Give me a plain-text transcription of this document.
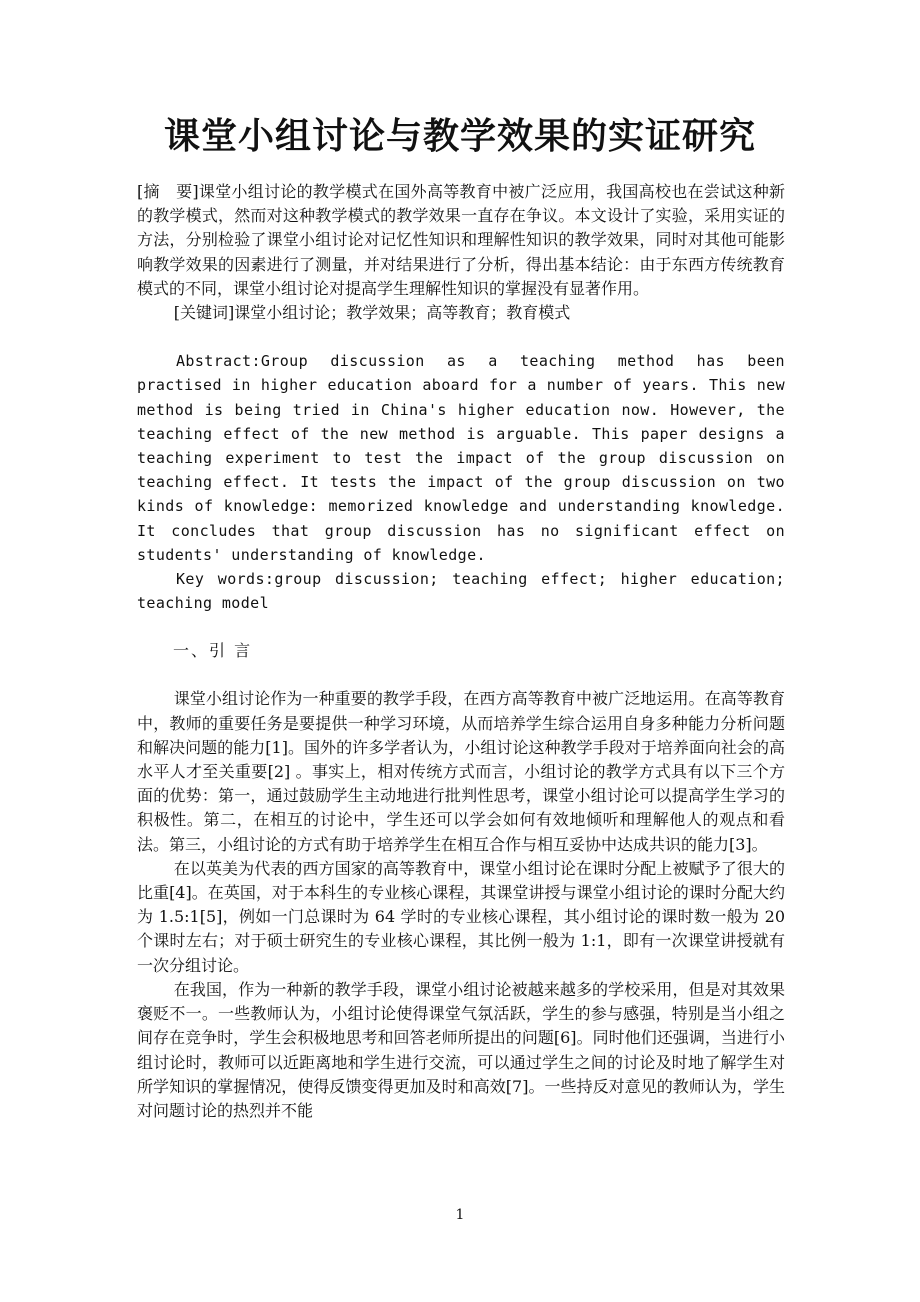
课堂小组讨论与教学效果的实证研究

[摘　要]课堂小组讨论的教学模式在国外高等教育中被广泛应用，我国高校也在尝试这种新的教学模式，然而对这种教学模式的教学效果一直存在争议。本文设计了实验，采用实证的方法，分别检验了课堂小组讨论对记忆性知识和理解性知识的教学效果，同时对其他可能影响教学效果的因素进行了测量，并对结果进行了分析，得出基本结论：由于东西方传统教育模式的不同，课堂小组讨论对提高学生理解性知识的掌握没有显著作用。

[关键词]课堂小组讨论；教学效果；高等教育；教育模式

Abstract:Group discussion as a teaching method has been practised in higher education aboard for a number of years. This new method is being tried in China's higher education now. However, the teaching effect of the new method is arguable. This paper designs a teaching experiment to test the impact of the group discussion on teaching effect. It tests the impact of the group discussion on two kinds of knowledge: memorized knowledge and understanding knowledge. It concludes that group discussion has no significant effect on students' understanding of knowledge.

Key words:group discussion; teaching effect; higher education; teaching model

一、引 言

课堂小组讨论作为一种重要的教学手段，在西方高等教育中被广泛地运用。在高等教育中，教师的重要任务是要提供一种学习环境，从而培养学生综合运用自身多种能力分析问题和解决问题的能力[1]。国外的许多学者认为，小组讨论这种教学手段对于培养面向社会的高水平人才至关重要[2] 。事实上，相对传统方式而言，小组讨论的教学方式具有以下三个方面的优势：第一，通过鼓励学生主动地进行批判性思考，课堂小组讨论可以提高学生学习的积极性。第二，在相互的讨论中，学生还可以学会如何有效地倾听和理解他人的观点和看法。第三，小组讨论的方式有助于培养学生在相互合作与相互妥协中达成共识的能力[3]。

在以英美为代表的西方国家的高等教育中，课堂小组讨论在课时分配上被赋予了很大的比重[4]。在英国，对于本科生的专业核心课程，其课堂讲授与课堂小组讨论的课时分配大约为 1.5:1[5]，例如一门总课时为 64 学时的专业核心课程，其小组讨论的课时数一般为 20 个课时左右；对于硕士研究生的专业核心课程，其比例一般为 1:1，即有一次课堂讲授就有一次分组讨论。

在我国，作为一种新的教学手段，课堂小组讨论被越来越多的学校采用，但是对其效果褒贬不一。一些教师认为，小组讨论使得课堂气氛活跃，学生的参与感强，特别是当小组之间存在竞争时，学生会积极地思考和回答老师所提出的问题[6]。同时他们还强调，当进行小组讨论时，教师可以近距离地和学生进行交流，可以通过学生之间的讨论及时地了解学生对所学知识的掌握情况，使得反馈变得更加及时和高效[7]。一些持反对意见的教师认为，学生对问题讨论的热烈并不能

1
